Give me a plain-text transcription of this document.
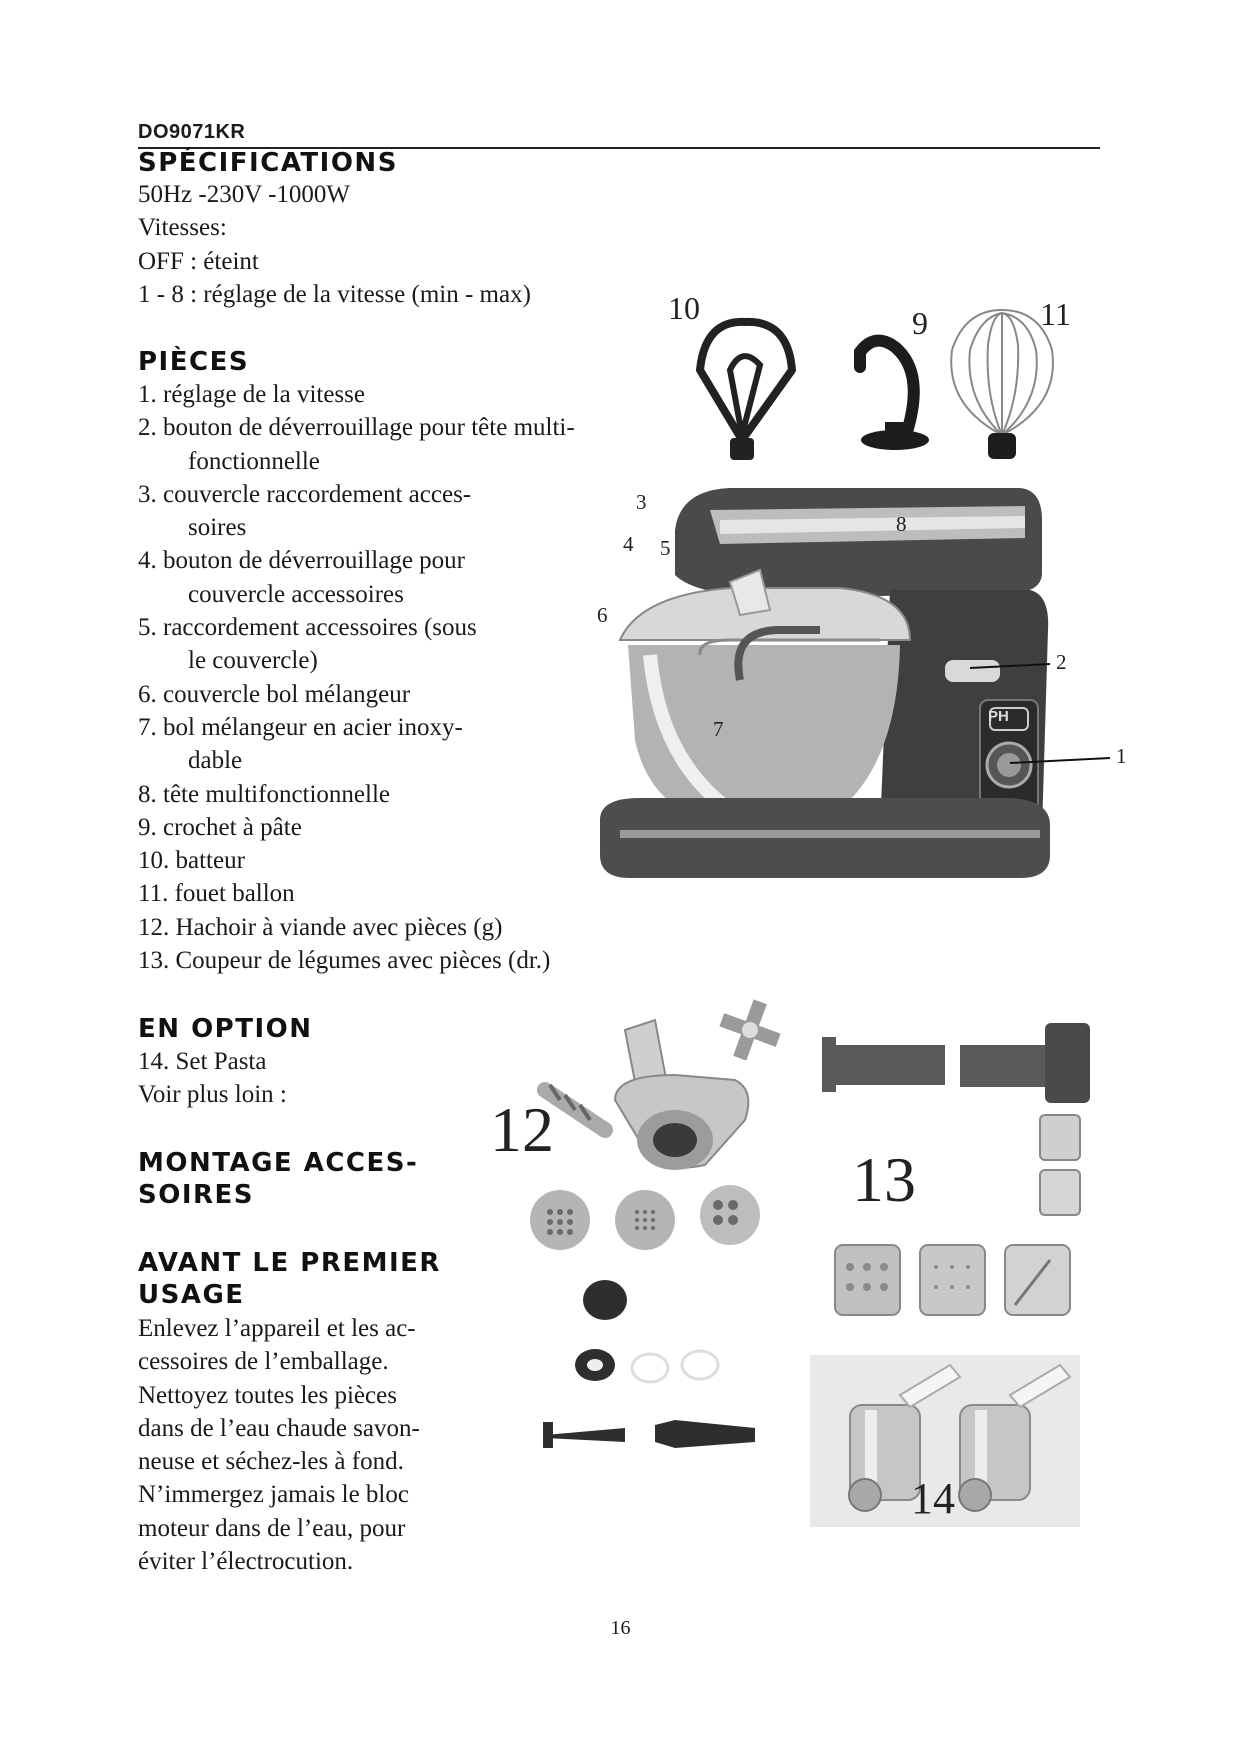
DO9071KR
SPÉCIFICATIONS
50Hz -230V -1000W
Vitesses:
OFF : éteint
1 - 8 : réglage de la vitesse (min - max)
PIÈCES
1. réglage de la vitesse
2. bouton de déverrouillage pour tête multi-
fonctionnelle
3. couvercle raccordement acces-
soires
4. bouton de déverrouillage pour
couvercle accessoires
5. raccordement accessoires (sous
le couvercle)
6. couvercle bol mélangeur
7. bol mélangeur en acier inoxy-
dable
8. tête multifonctionnelle
9. crochet à pâte
10. batteur
11. fouet ballon
12. Hachoir à viande avec pièces (g)
13. Coupeur de légumes avec pièces (dr.)
EN OPTION
14. Set Pasta
Voir plus loin :
MONTAGE ACCES-
SOIRES
AVANT LE PREMIER
USAGE
Enlevez l’appareil et les ac-
cessoires de l’emballage.
Nettoyez toutes les pièces
dans de l’eau chaude savon-
neuse et séchez-les à fond.
N’immergez jamais le bloc
moteur dans de l’eau, pour
éviter l’électrocution.
10	9	11
PH
3
4 5
8
6
2
7
1
12
13
14
16
